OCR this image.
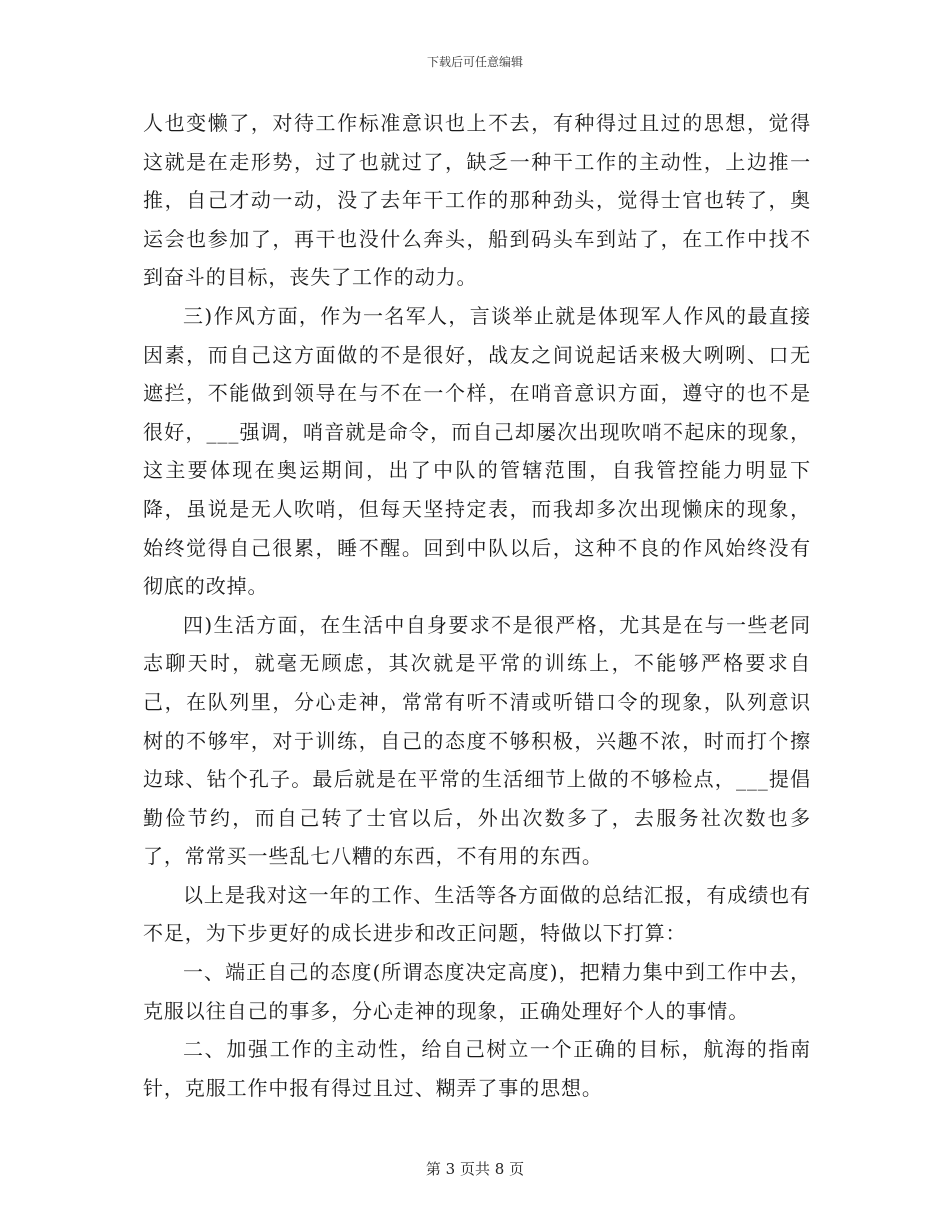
下载后可任意编辑

人也变懒了，对待工作标准意识也上不去，有种得过且过的思想，觉得这就是在走形势，过了也就过了，缺乏一种干工作的主动性，上边推一推，自己才动一动，没了去年干工作的那种劲头，觉得士官也转了，奥运会也参加了，再干也没什么奔头，船到码头车到站了，在工作中找不到奋斗的目标，丧失了工作的动力。

三)作风方面，作为一名军人，言谈举止就是体现军人作风的最直接因素，而自己这方面做的不是很好，战友之间说起话来极大咧咧、口无遮拦，不能做到领导在与不在一个样，在哨音意识方面，遵守的也不是很好，___强调，哨音就是命令，而自己却屡次出现吹哨不起床的现象，这主要体现在奥运期间，出了中队的管辖范围，自我管控能力明显下降，虽说是无人吹哨，但每天坚持定表，而我却多次出现懒床的现象，始终觉得自己很累，睡不醒。回到中队以后，这种不良的作风始终没有彻底的改掉。

四)生活方面，在生活中自身要求不是很严格，尤其是在与一些老同志聊天时，就毫无顾虑，其次就是平常的训练上，不能够严格要求自己，在队列里，分心走神，常常有听不清或听错口令的现象，队列意识树的不够牢，对于训练，自己的态度不够积极，兴趣不浓，时而打个擦边球、钻个孔子。最后就是在平常的生活细节上做的不够检点，___提倡勤俭节约，而自己转了士官以后，外出次数多了，去服务社次数也多了，常常买一些乱七八糟的东西，不有用的东西。

以上是我对这一年的工作、生活等各方面做的总结汇报，有成绩也有不足，为下步更好的成长进步和改正问题，特做以下打算：

一、端正自己的态度(所谓态度决定高度)，把精力集中到工作中去，克服以往自己的事多，分心走神的现象，正确处理好个人的事情。

二、加强工作的主动性，给自己树立一个正确的目标，航海的指南针，克服工作中报有得过且过、糊弄了事的思想。

第 3 页共 8 页
